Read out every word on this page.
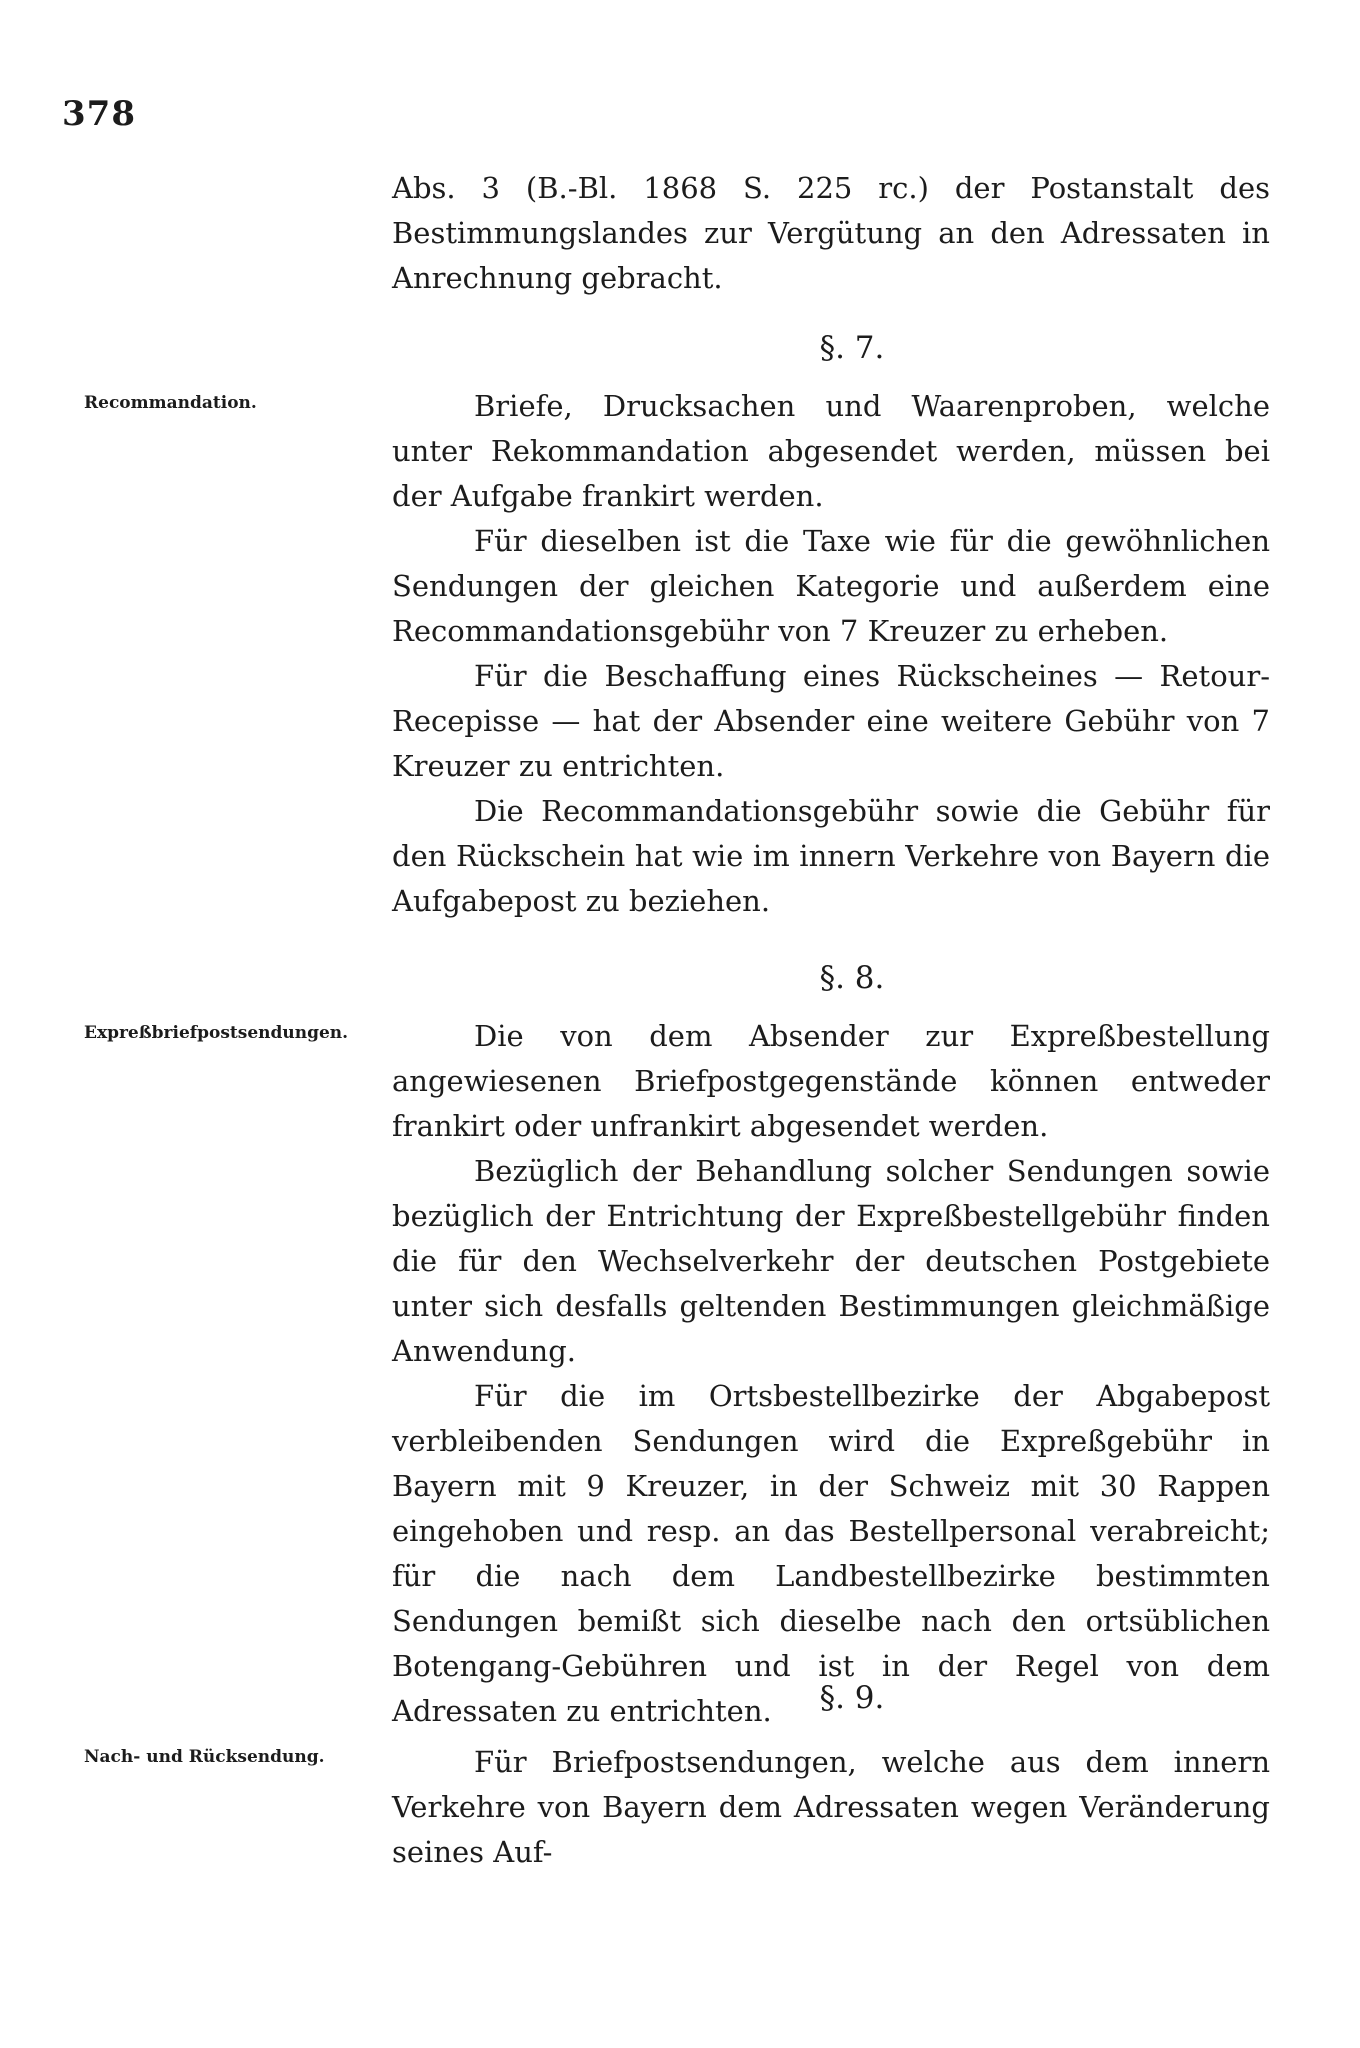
378

Abs. 3 (B.-Bl. 1868 S. 225 rc.) der Postanstalt des Bestimmungslandes zur Vergütung an den Adressaten in Anrechnung gebracht.

§. 7.
Recommandation.	Briefe, Drucksachen und Waarenproben, welche unter Rekommandation abgesendet werden, müssen bei der Aufgabe frankirt werden.

Für dieselben ist die Taxe wie für die gewöhnlichen Sendungen der gleichen Kategorie und außerdem eine Recommandationsgebühr von 7 Kreuzer zu erheben.

Für die Beschaffung eines Rückscheines — Retour-Recepisse — hat der Absender eine weitere Gebühr von 7 Kreuzer zu entrichten.

Die Recommandationsgebühr sowie die Gebühr für den Rückschein hat wie im innern Verkehre von Bayern die Aufgabepost zu beziehen.

§. 8.
Expreßbriefpostsendungen.	Die von dem Absender zur Expreßbestellung angewiesenen Briefpostgegenstände können entweder frankirt oder unfrankirt abgesendet werden.

Bezüglich der Behandlung solcher Sendungen sowie bezüglich der Entrichtung der Expreßbestellgebühr finden die für den Wechselverkehr der deutschen Postgebiete unter sich desfalls geltenden Bestimmungen gleichmäßige Anwendung.

Für die im Ortsbestellbezirke der Abgabepost verbleibenden Sendungen wird die Expreßgebühr in Bayern mit 9 Kreuzer, in der Schweiz mit 30 Rappen eingehoben und resp. an das Bestellpersonal verabreicht; für die nach dem Landbestellbezirke bestimmten Sendungen bemißt sich dieselbe nach den ortsüblichen Botengang-Gebühren und ist in der Regel von dem Adressaten zu entrichten.	§. 9.
Nach- und Rücksendung.	Für Briefpostsendungen, welche aus dem innern Verkehre von Bayern dem Adressaten wegen Veränderung seines Auf-
